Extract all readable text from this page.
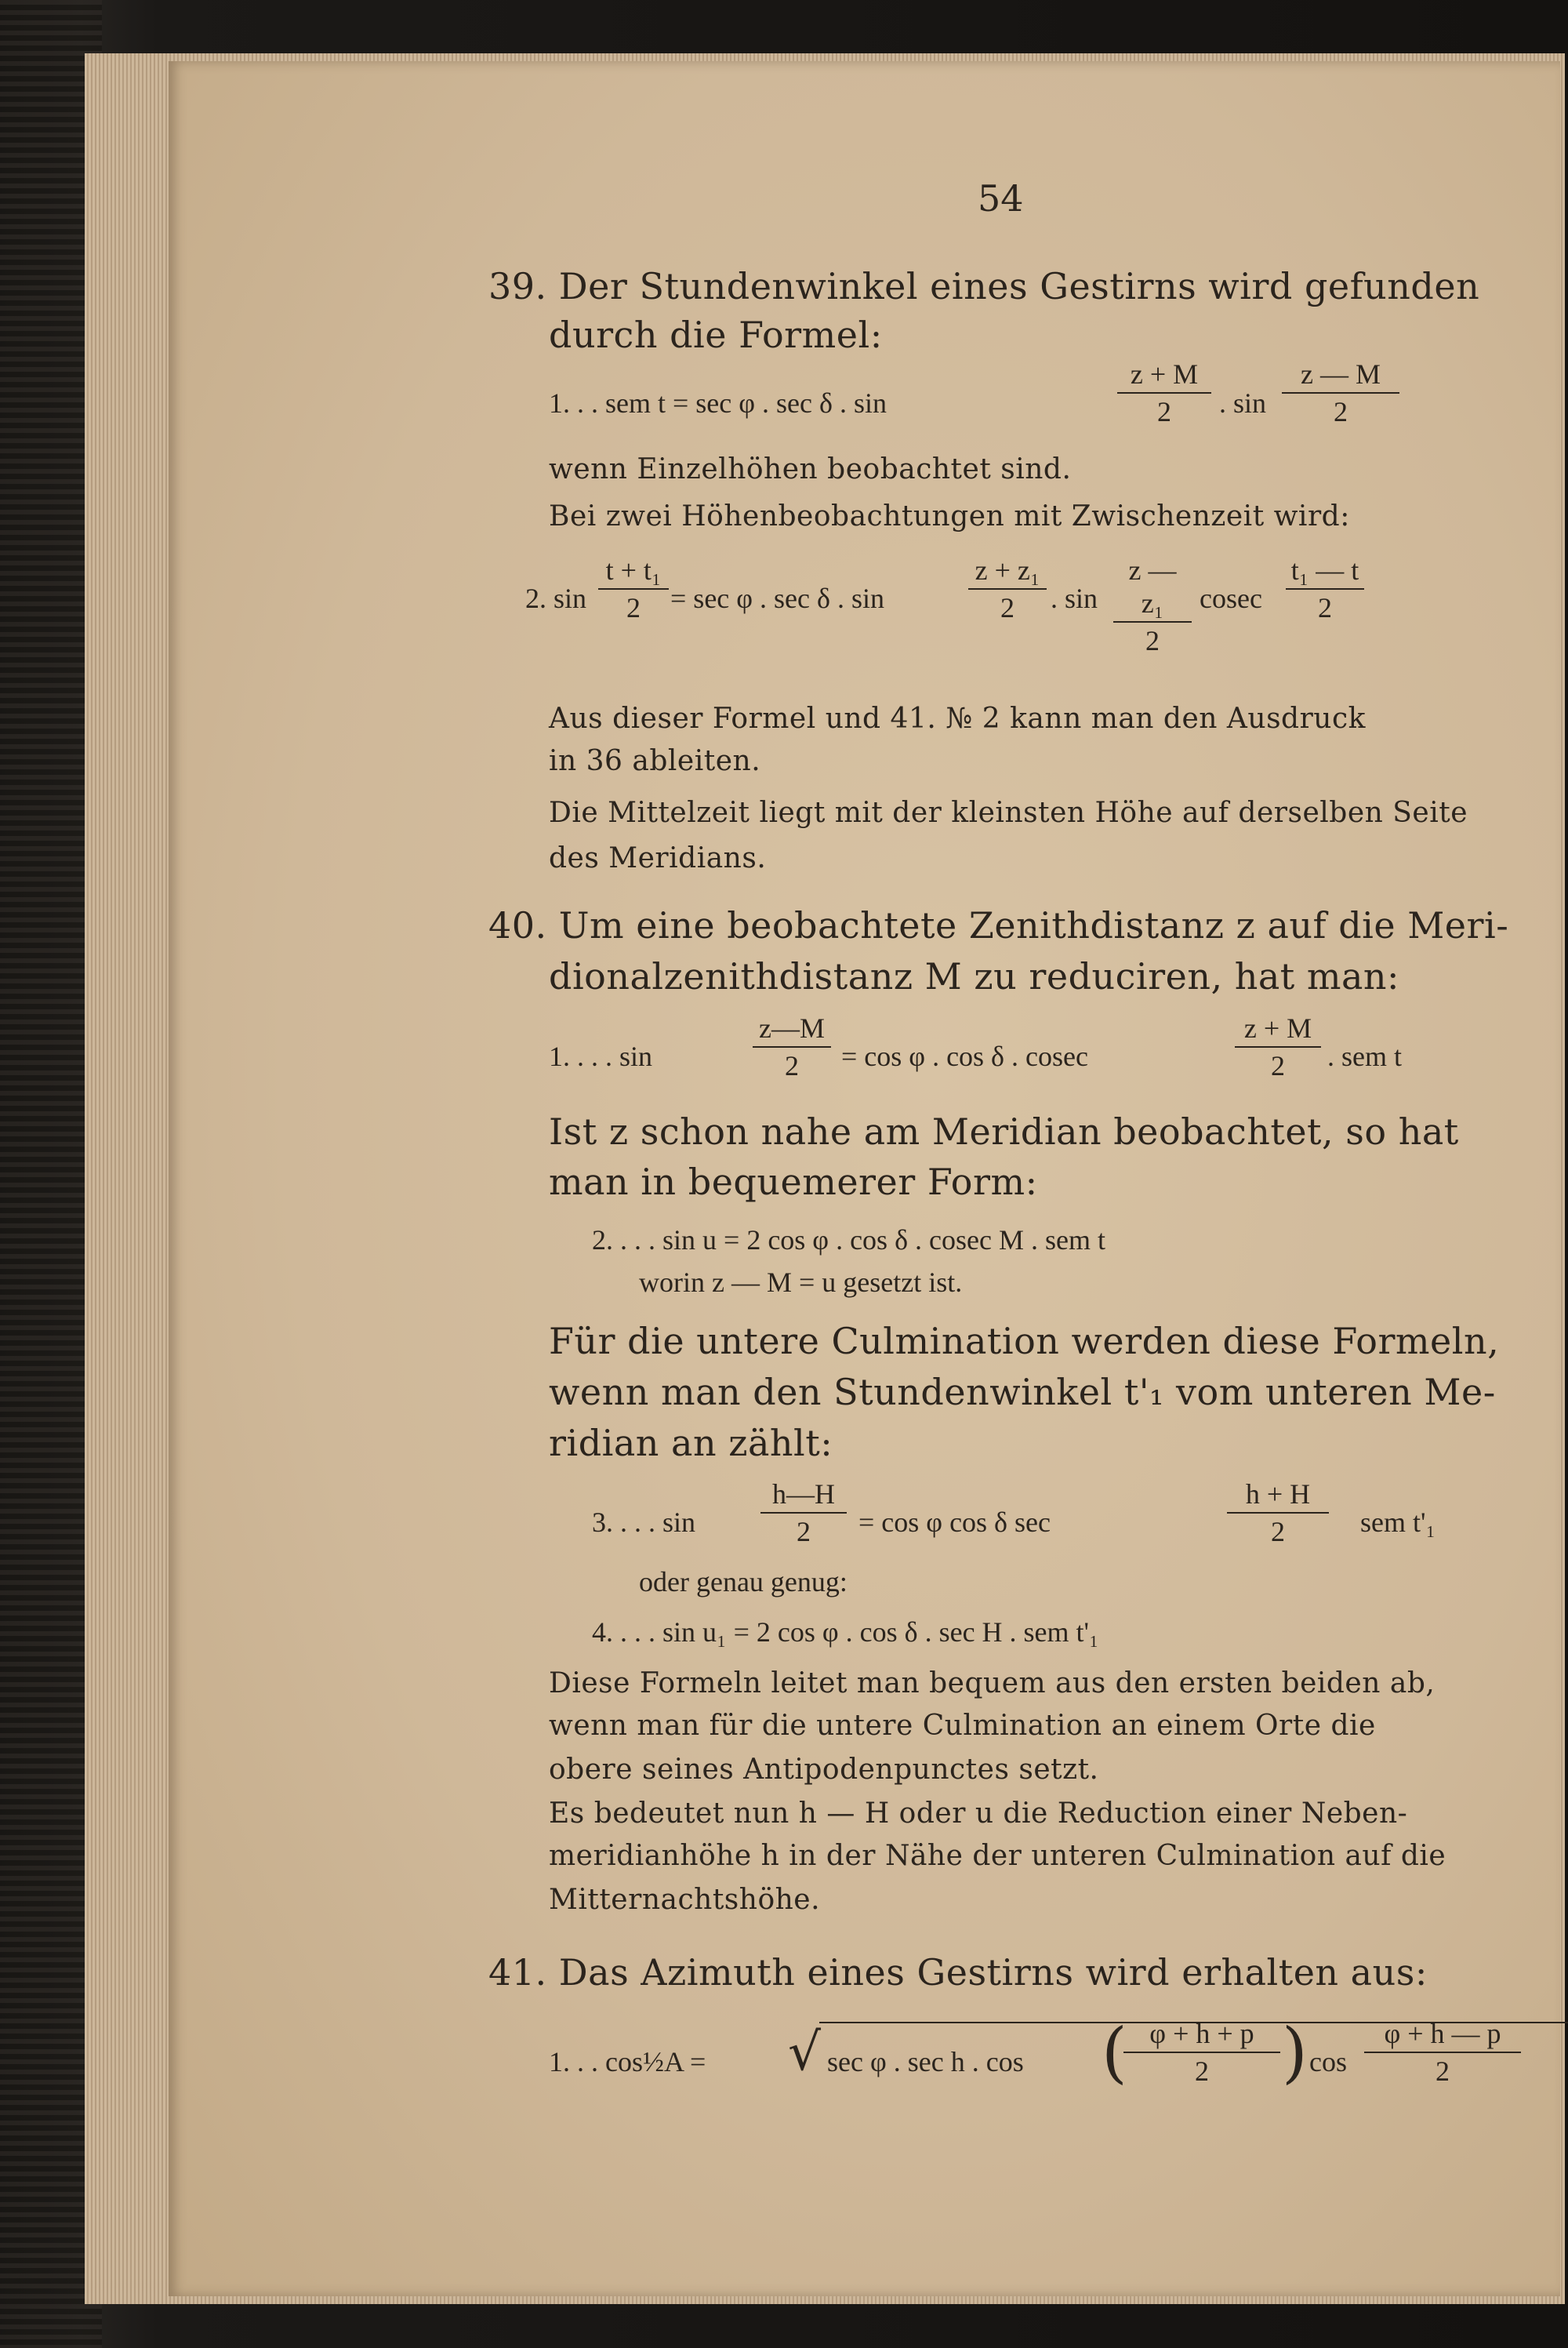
54
39. Der Stundenwinkel eines Gestirns wird gefunden
durch die Formel:
1. . . sem t = sec φ . sec δ . sin	$\frac{z + M}{2}$ . $\sin \frac{z — M}{2}$
wenn Einzelhöhen beobachtet sind.
Bei zwei Höhenbeobachtungen mit Zwischenzeit wird:
2. $\sin \frac{\text{t + t₁}}{2} = \sec \varphi$ . sec δ . sin	$\frac{\text{z + z₁}}{2}$ . $\sin \frac{\text{z — z₁}}{2}$ cosec $\frac{\text{t₁ — t}}{2}$
Aus dieser Formel und 41. № 2 kann man den Ausdruck
in 36 ableiten.
Die Mittelzeit liegt mit der kleinsten Höhe auf derselben Seite
des Meridians.
40. Um eine beobachtete Zenithdistanz z auf die Meri-
dionalzenithdistanz M zu reduciren, hat man:
1. . . . sin	$\frac{z—M}{2} = \cos \varphi$ . cos δ . cosec	$\frac{z + M}{2}$ . sem t
Ist z schon nahe am Meridian beobachtet, so hat
man in bequemerer Form:
2. . . . sin u = 2 cos φ . cos δ . cosec M . sem t
worin z — M = u gesetzt ist.
Für die untere Culmination werden diese Formeln,
wenn man den Stundenwinkel t'₁ vom unteren Me-
ridian an zählt:
3. . . . $\sin \frac{h—H}{2} = \cos \varphi$ cos δ sec	$\frac{h + H}{2}$ sem t'₁
oder genau genug:
4. . . . sin u₁ = 2 cos φ . cos δ . sec H . sem t'₁
Diese Formeln leitet man bequem aus den ersten beiden ab,
wenn man für die untere Culmination an einem Orte die
obere seines Antipodenpunctes setzt.
Es bedeutet nun h — H oder u die Reduction einer Neben-
meridianhöhe h in der Nähe der unteren Culmination auf die
Mitternachtshöhe.
41. Das Azimuth eines Gestirns wird erhalten aus:
1. . . cos½A = √ sec φ . sec h . cos (
$\frac{\varphi + h + p}{2}$ ) $\cos \frac{\varphi + h — p}{2}$
